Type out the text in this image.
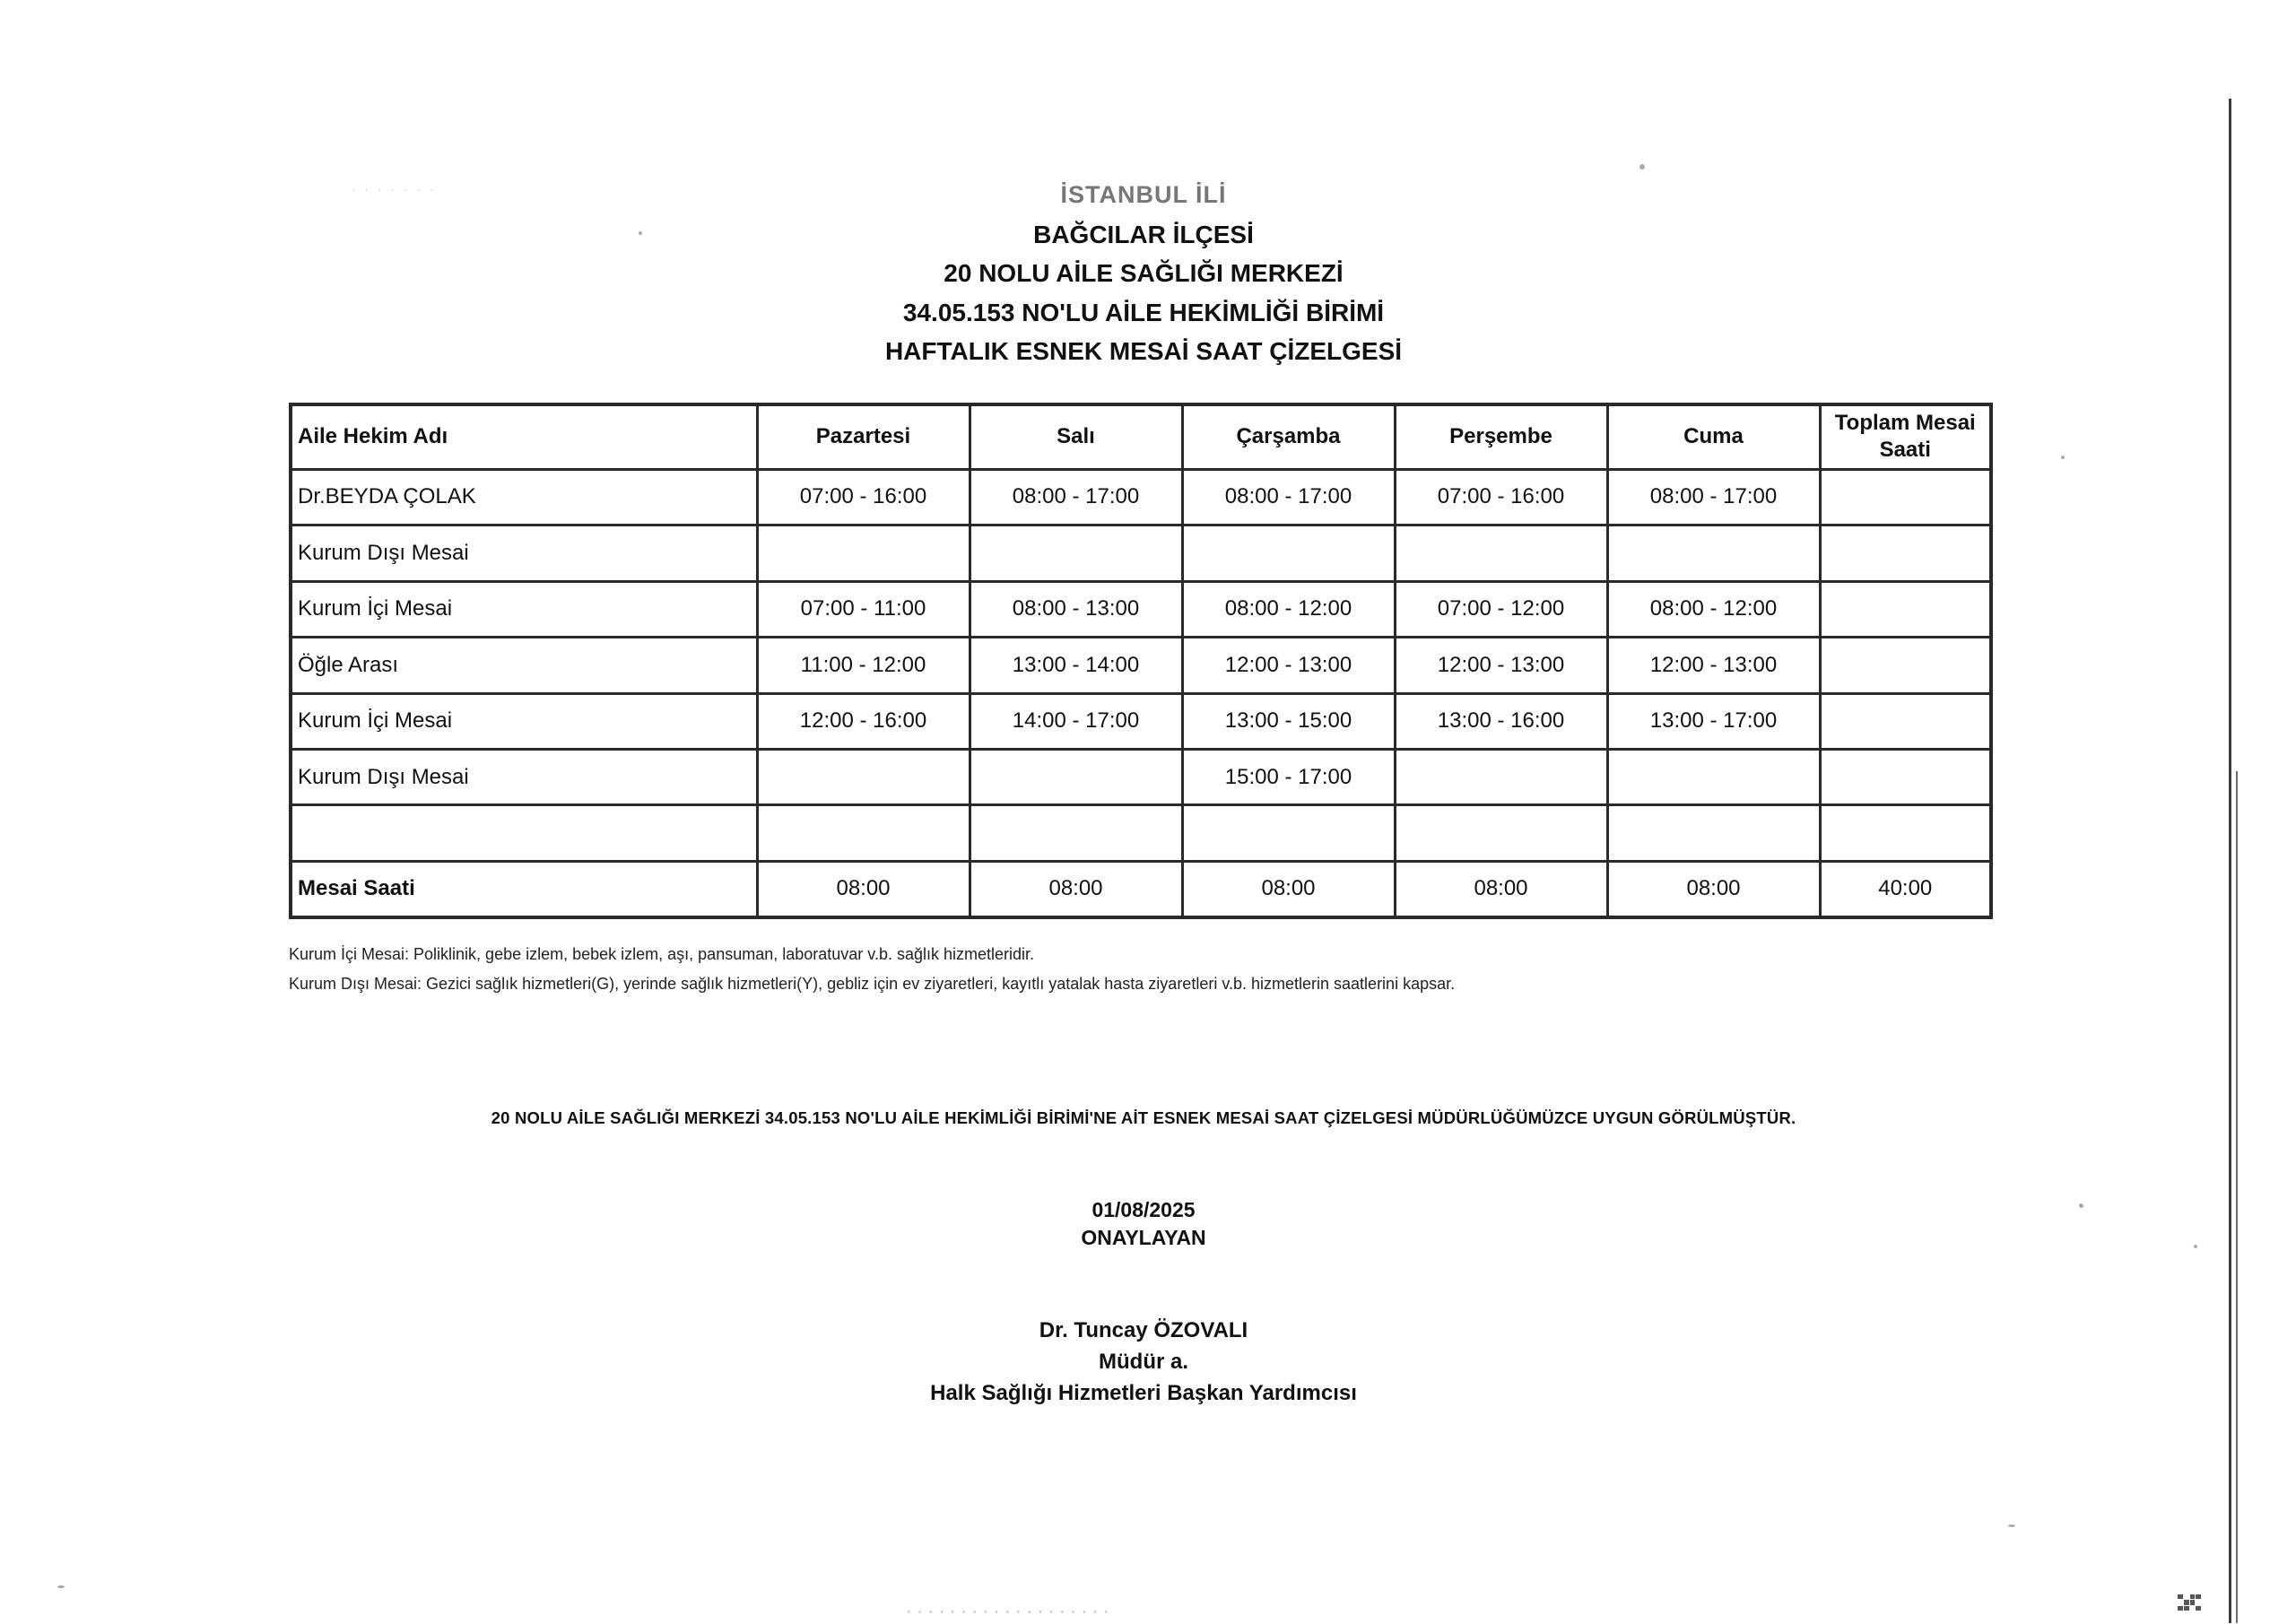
· · · · · · ·	İSTANBUL İLİ
BAĞCILAR İLÇESİ
20 NOLU AİLE SAĞLIĞI MERKEZİ
34.05.153 NO'LU AİLE HEKİMLİĞİ BİRİMİ
HAFTALIK ESNEK MESAİ SAAT ÇİZELGESİ
Aile Hekim Adı	Pazartesi	Salı	Çarşamba	Perşembe	Cuma	Toplam Mesai Saati
Dr.BEYDA ÇOLAK	07:00 - 16:00	08:00 - 17:00	08:00 - 17:00	07:00 - 16:00	08:00 - 17:00	
Kurum Dışı Mesai						
Kurum İçi Mesai	07:00 - 11:00	08:00 - 13:00	08:00 - 12:00	07:00 - 12:00	08:00 - 12:00	
Öğle Arası	11:00 - 12:00	13:00 - 14:00	12:00 - 13:00	12:00 - 13:00	12:00 - 13:00	
Kurum İçi Mesai	12:00 - 16:00	14:00 - 17:00	13:00 - 15:00	13:00 - 16:00	13:00 - 17:00	
Kurum Dışı Mesai			15:00 - 17:00			

Mesai Saati	08:00	08:00	08:00	08:00	08:00	40:00
Kurum İçi Mesai: Poliklinik, gebe izlem, bebek izlem, aşı, pansuman, laboratuvar v.b. sağlık hizmetleridir.
Kurum Dışı Mesai: Gezici sağlık hizmetleri(G), yerinde sağlık hizmetleri(Y), gebliz için ev ziyaretleri, kayıtlı yatalak hasta ziyaretleri v.b. hizmetlerin saatlerini kapsar.
20 NOLU AİLE SAĞLIĞI MERKEZİ 34.05.153 NO'LU AİLE HEKİMLİĞİ BİRİMİ'NE AİT ESNEK MESAİ SAAT ÇİZELGESİ MÜDÜRLÜĞÜMÜZCE UYGUN GÖRÜLMÜŞTÜR.
01/08/2025
ONAYLAYAN
Dr. Tuncay ÖZOVALI
Müdür a.
Halk Sağlığı Hizmetleri Başkan Yardımcısı
· · · · · · · · · · · · · · · · · · ·
